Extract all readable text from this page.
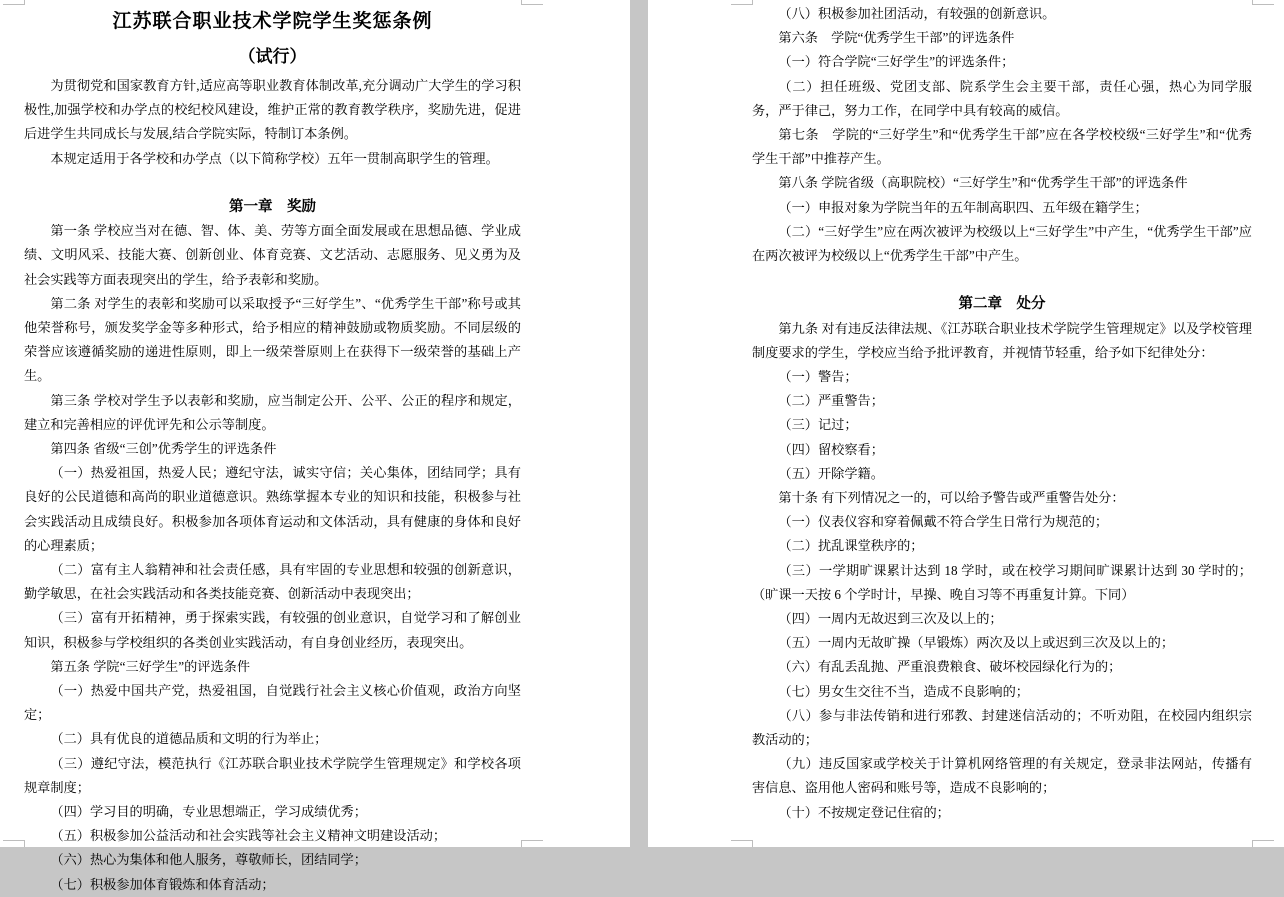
江苏联合职业技术学院学生奖惩条例
（试行）
为贯彻党和国家教育方针,适应高等职业教育体制改革,充分调动广大学生的学习积极性,加强学校和办学点的校纪校风建设，维护正常的教育教学秩序，奖励先进，促进后进学生共同成长与发展,结合学院实际，特制订本条例。
本规定适用于各学校和办学点（以下简称学校）五年一贯制高职学生的管理。
第一章　奖励
第一条 学校应当对在德、智、体、美、劳等方面全面发展或在思想品德、学业成绩、文明风采、技能大赛、创新创业、体育竞赛、文艺活动、志愿服务、见义勇为及社会实践等方面表现突出的学生，给予表彰和奖励。
第二条 对学生的表彰和奖励可以采取授予“三好学生”、“优秀学生干部”称号或其他荣誉称号，颁发奖学金等多种形式，给予相应的精神鼓励或物质奖励。不同层级的荣誉应该遵循奖励的递进性原则，即上一级荣誉原则上在获得下一级荣誉的基础上产生。
第三条 学校对学生予以表彰和奖励，应当制定公开、公平、公正的程序和规定，建立和完善相应的评优评先和公示等制度。
第四条 省级“三创”优秀学生的评选条件
（一）热爱祖国，热爱人民；遵纪守法，诚实守信；关心集体，团结同学；具有良好的公民道德和高尚的职业道德意识。熟练掌握本专业的知识和技能，积极参与社会实践活动且成绩良好。积极参加各项体育运动和文体活动，具有健康的身体和良好的心理素质；
（二）富有主人翁精神和社会责任感，具有牢固的专业思想和较强的创新意识，勤学敏思，在社会实践活动和各类技能竞赛、创新活动中表现突出；
（三）富有开拓精神，勇于探索实践，有较强的创业意识，自觉学习和了解创业知识，积极参与学校组织的各类创业实践活动，有自身创业经历，表现突出。
第五条 学院“三好学生”的评选条件
（一）热爱中国共产党，热爱祖国，自觉践行社会主义核心价值观，政治方向坚定；
（二）具有优良的道德品质和文明的行为举止；
（三）遵纪守法，模范执行《江苏联合职业技术学院学生管理规定》和学校各项规章制度；
（四）学习目的明确，专业思想端正，学习成绩优秀；
（五）积极参加公益活动和社会实践等社会主义精神文明建设活动；
（六）热心为集体和他人服务，尊敬师长，团结同学；
（七）积极参加体育锻炼和体育活动；
（八）积极参加社团活动，有较强的创新意识。
第六条　学院“优秀学生干部”的评选条件
（一）符合学院“三好学生”的评选条件；
（二）担任班级、党团支部、院系学生会主要干部，责任心强，热心为同学服务，严于律己，努力工作，在同学中具有较高的威信。
第七条　学院的“三好学生”和“优秀学生干部”应在各学校校级“三好学生”和“优秀学生干部”中推荐产生。
第八条 学院省级（高职院校）“三好学生”和“优秀学生干部”的评选条件
（一）申报对象为学院当年的五年制高职四、五年级在籍学生；
（二）“三好学生”应在两次被评为校级以上“三好学生”中产生，“优秀学生干部”应在两次被评为校级以上“优秀学生干部”中产生。
第二章　处分
第九条 对有违反法律法规、《江苏联合职业技术学院学生管理规定》以及学校管理制度要求的学生，学校应当给予批评教育，并视情节轻重，给予如下纪律处分：
（一）警告；
（二）严重警告；
（三）记过；
（四）留校察看；
（五）开除学籍。
第十条 有下列情况之一的，可以给予警告或严重警告处分：
（一）仪表仪容和穿着佩戴不符合学生日常行为规范的；
（二）扰乱课堂秩序的；
（三）一学期旷课累计达到 18 学时，或在校学习期间旷课累计达到 30 学时的；（旷课一天按 6 个学时计，早操、晚自习等不再重复计算。下同）
（四）一周内无故迟到三次及以上的；
（五）一周内无故旷操（早锻炼）两次及以上或迟到三次及以上的；
（六）有乱丢乱抛、严重浪费粮食、破坏校园绿化行为的；
（七）男女生交往不当，造成不良影响的；
（八）参与非法传销和进行邪教、封建迷信活动的；不听劝阻，在校园内组织宗教活动的；
（九）违反国家或学校关于计算机网络管理的有关规定，登录非法网站，传播有害信息、盗用他人密码和账号等，造成不良影响的；
（十）不按规定登记住宿的；
